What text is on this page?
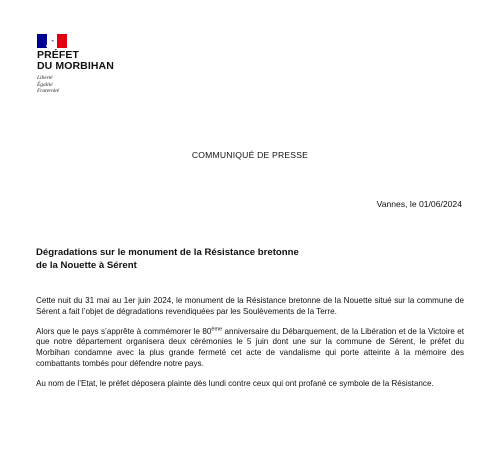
PRÉFET
DU MORBIHAN
Liberté
Égalité
Fraternité
COMMUNIQUÉ DE PRESSE
Vannes, le 01/06/2024
Dégradations sur le monument de la Résistance bretonne
de la Nouette à Sérent

Cette nuit du 31 mai au 1er juin 2024, le monument de la Résistance bretonne de la Nouette situé sur la commune de Sérent a fait l’objet de dégradations revendiquées par les Soulèvements de la Terre.

Alors que le pays s’apprête à commémorer le 80ème anniversaire du Débarquement, de la Libération et de la Victoire et que notre département organisera deux cérémonies le 5 juin dont une sur la commune de Sérent, le préfet du Morbihan condamne avec la plus grande fermeté cet acte de vandalisme qui porte atteinte à la mémoire des combattants tombés pour défendre notre pays.

Au nom de l’Etat, le préfet déposera plainte dès lundi contre ceux qui ont profané ce symbole de la Résistance.
